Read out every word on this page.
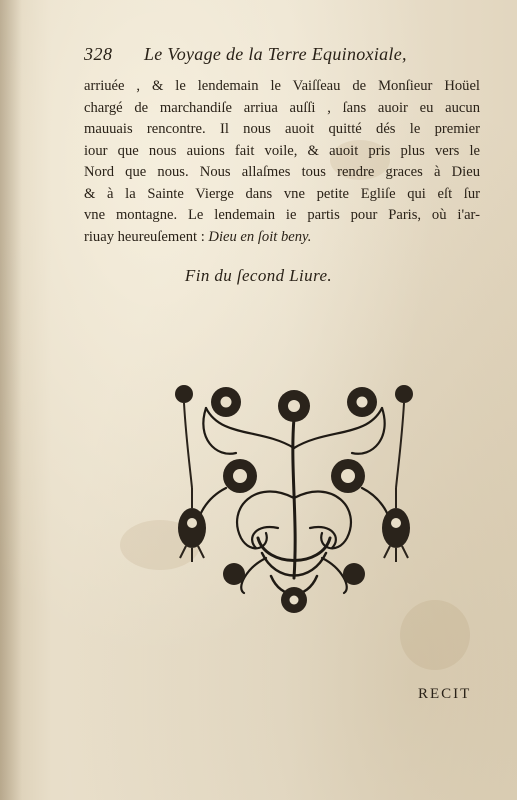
328 Le Voyage de la Terre Equinoxiale,
arriuée , & le lendemain le Vaiſſeau de Monſieur Hoüel
chargé de marchandiſe arriua auſſi , ſans auoir eu aucun
mauuais rencontre. Il nous auoit quitté dés le premier
iour que nous auions fait voile, & auoit pris plus vers le
Nord que nous. Nous allaſmes tous rendre graces à Dieu
& à la Sainte Vierge dans vne petite Egliſe qui eſt ſur
vne montagne. Le lendemain ie partis pour Paris, où i'ar-
riuay heureuſement : Dieu en ſoit beny.
Fin du ſecond Liure.
RECIT
